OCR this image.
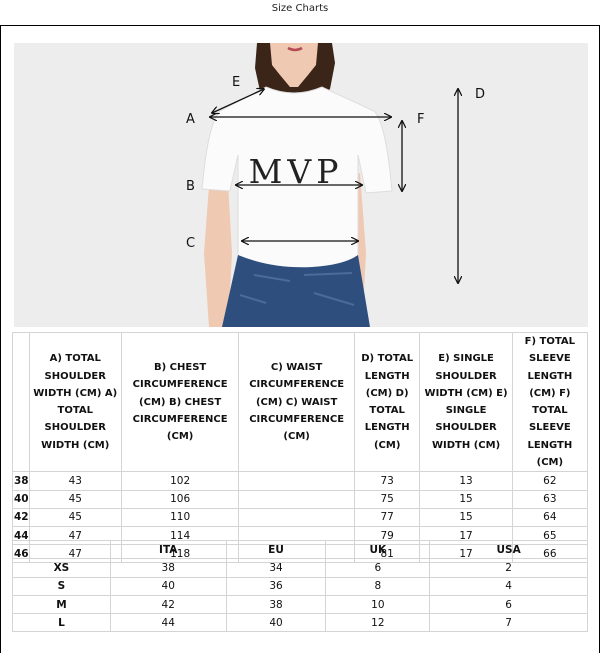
Size Charts
MVP
A
B
C
D
E
F
	A) TOTAL SHOULDER WIDTH (CM) A) TOTAL SHOULDER WIDTH (CM)	B) CHEST CIRCUMFERENCE (CM) B) CHEST CIRCUMFERENCE (CM)	C) WAIST CIRCUMFERENCE (CM) C) WAIST CIRCUMFERENCE (CM)	D) TOTAL LENGTH (CM) D) TOTAL LENGTH (CM)	E) SINGLE SHOULDER WIDTH (CM) E) SINGLE SHOULDER WIDTH (CM)	F) TOTAL SLEEVE LENGTH (CM) F) TOTAL SLEEVE LENGTH (CM)
38	43	102		73	13	62
40	45	106		75	15	63
42	45	110		77	15	64
44	47	114		79	17	65
46	47	118		81	17	66
	ITA	EU	UK	USA
XS	38	34	6	2
S	40	36	8	4
M	42	38	10	6
L	44	40	12	7
